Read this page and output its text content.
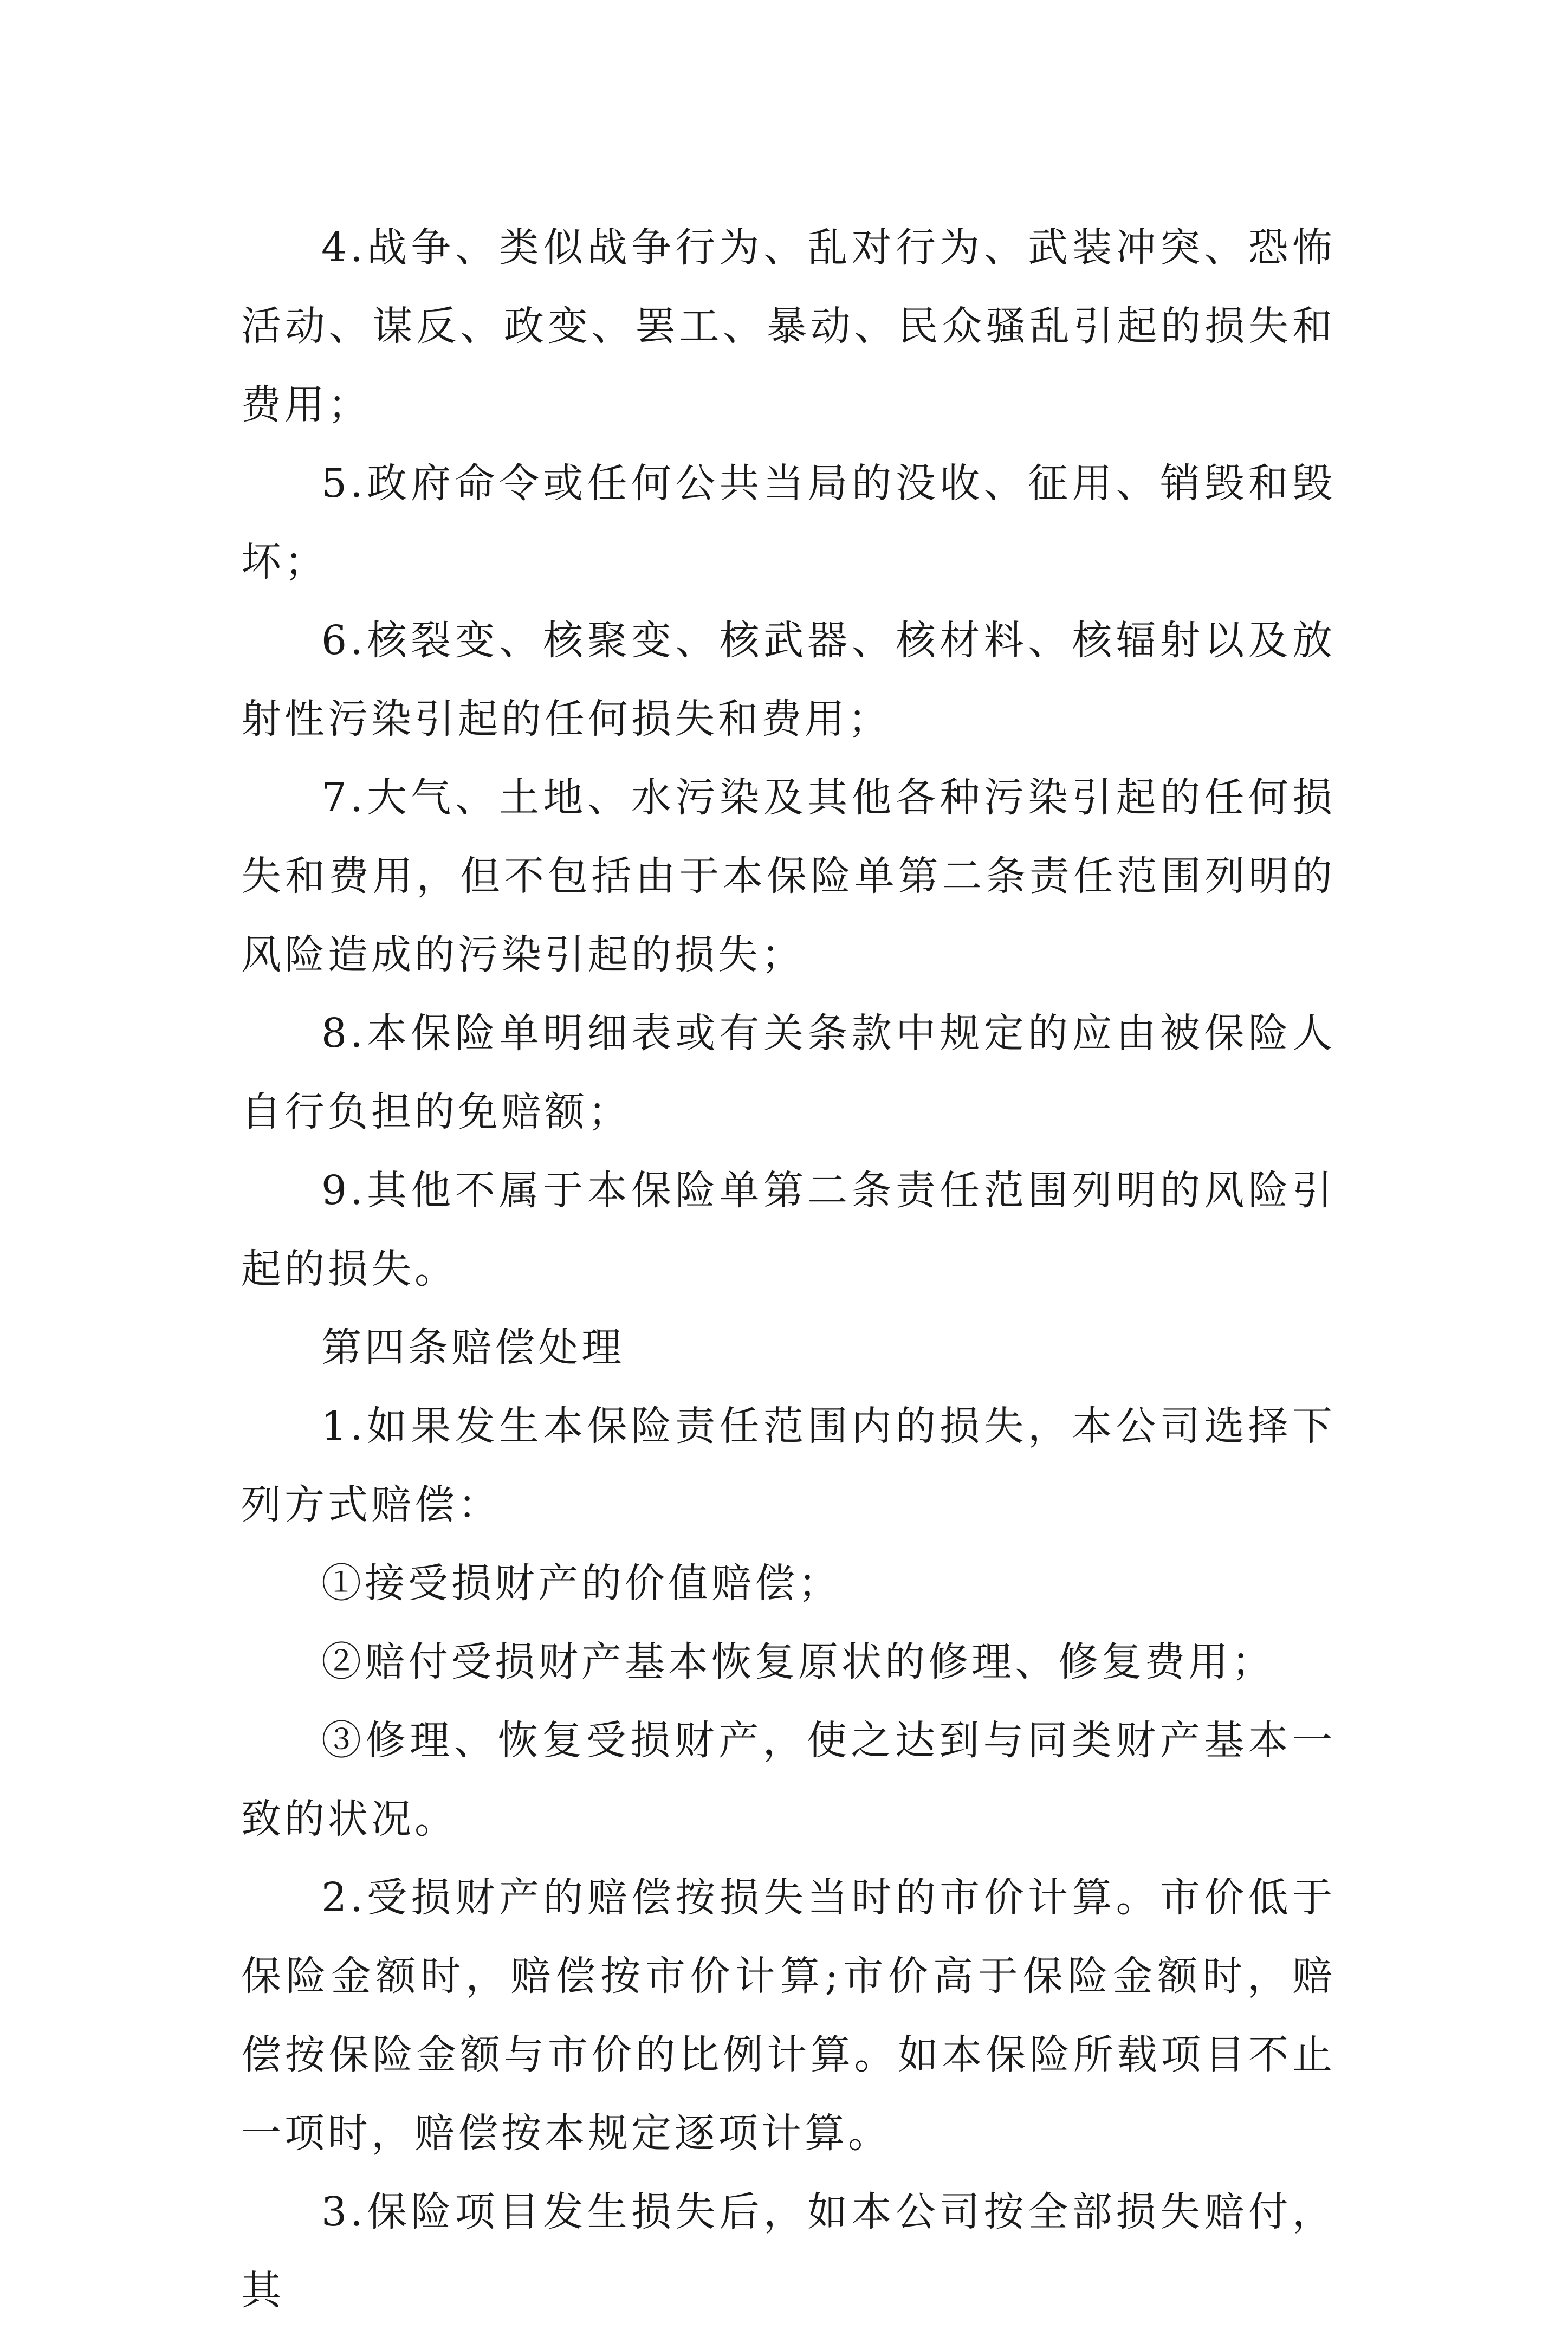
4.战争、类似战争行为、乱对行为、武装冲突、恐怖活动、谋反、政变、罢工、暴动、民众骚乱引起的损失和费用；

5.政府命令或任何公共当局的没收、征用、销毁和毁坏；

6.核裂变、核聚变、核武器、核材料、核辐射以及放射性污染引起的任何损失和费用；

7.大气、土地、水污染及其他各种污染引起的任何损失和费用，但不包括由于本保险单第二条责任范围列明的风险造成的污染引起的损失；

8.本保险单明细表或有关条款中规定的应由被保险人自行负担的免赔额；

9.其他不属于本保险单第二条责任范围列明的风险引起的损失。

第四条赔偿处理

1.如果发生本保险责任范围内的损失，本公司选择下列方式赔偿：

①接受损财产的价值赔偿；

②赔付受损财产基本恢复原状的修理、修复费用；

③修理、恢复受损财产，使之达到与同类财产基本一致的状况。

2.受损财产的赔偿按损失当时的市价计算。市价低于保险金额时，赔偿按市价计算;市价高于保险金额时，赔偿按保险金额与市价的比例计算。如本保险所载项目不止一项时，赔偿按本规定逐项计算。

3.保险项目发生损失后，如本公司按全部损失赔付，其
